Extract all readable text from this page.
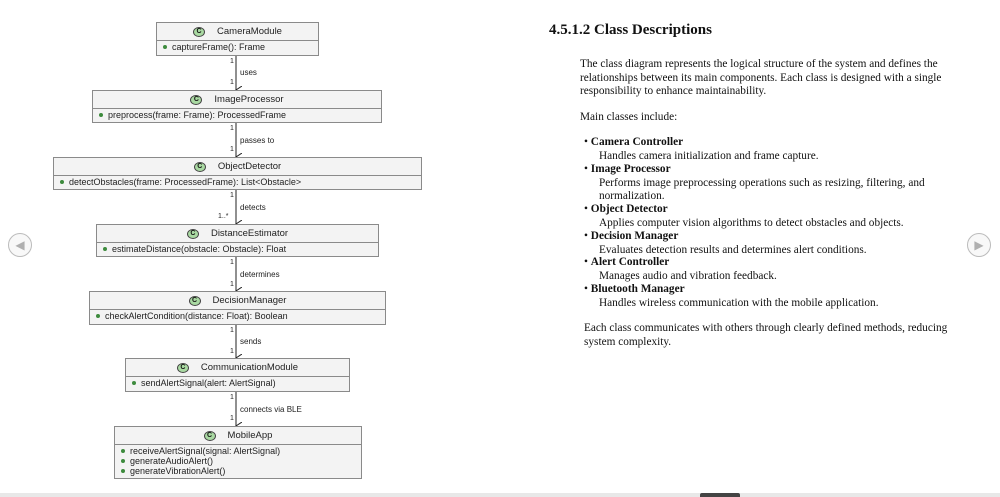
C	CameraModule
captureFrame(): Frame
C	ImageProcessor
preprocess(frame: Frame): ProcessedFrame
C	ObjectDetector
detectObstacles(frame: ProcessedFrame): List<Obstacle>
C	DistanceEstimator
estimateDistance(obstacle: Obstacle): Float
C	DecisionManager
checkAlertCondition(distance: Float): Boolean
C	CommunicationModule
sendAlertSignal(alert: AlertSignal)
C	MobileApp
receiveAlertSignal(signal: AlertSignal)
generateAudioAlert()
generateVibrationAlert()
1
uses
1
1
passes to
1
1
detects
1..*
1
determines
1
1
sends
1
1
connects via BLE
1
4.5.1.2 Class Descriptions
The class diagram represents the logical structure of the system and defines the relationships between its main components. Each class is designed with a single responsibility to enhance maintainability.
Main classes include:
• Camera Controller
Handles camera initialization and frame capture.
• Image Processor
Performs image preprocessing operations such as resizing, filtering, and normalization.
• Object Detector
Applies computer vision algorithms to detect obstacles and objects.
• Decision Manager
Evaluates detection results and determines alert conditions.
• Alert Controller
Manages audio and vibration feedback.
• Bluetooth Manager
Handles wireless communication with the mobile application.
Each class communicates with others through clearly defined methods, reducing system complexity.
◀	▶
